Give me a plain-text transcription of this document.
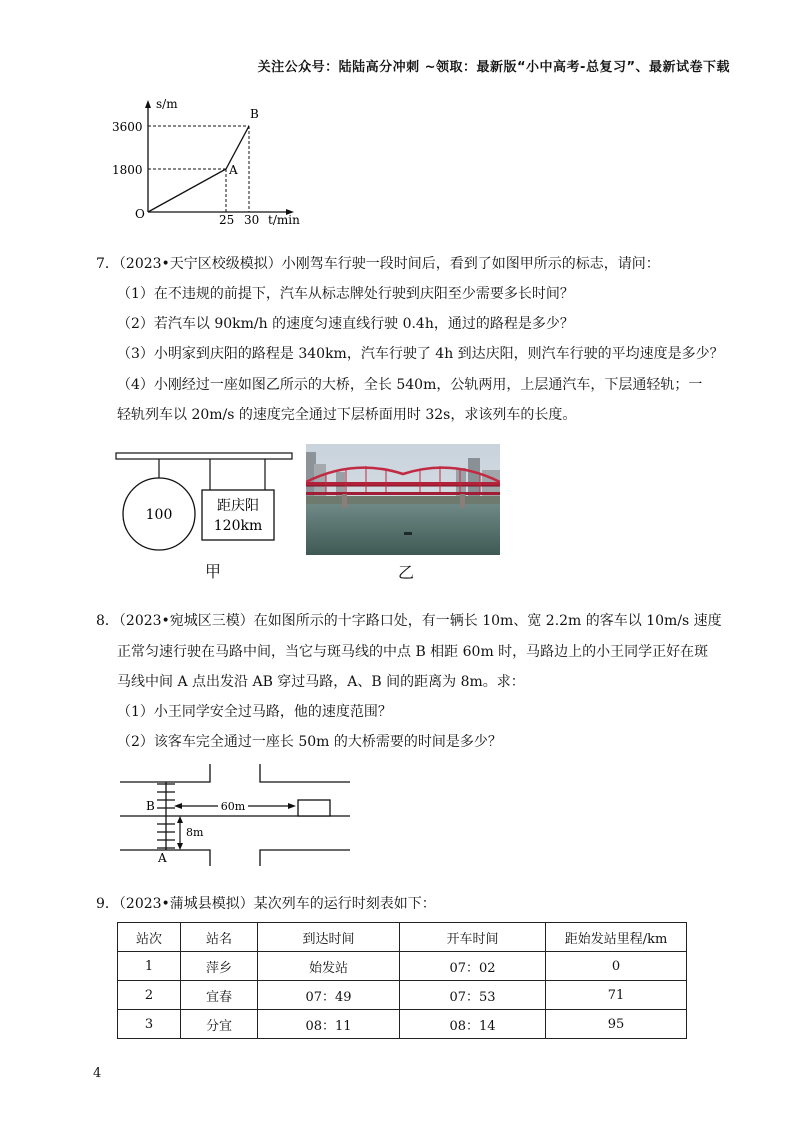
关注公众号：陆陆高分冲刺 ~领取：最新版“小中高考-总复习”、最新试卷下载
s/m
t/min
3600
1800
25 30
O
A
B
7．（2023•天宁区校级模拟）小刚驾车行驶一段时间后，看到了如图甲所示的标志，请问：
（1）在不违规的前提下，汽车从标志牌处行驶到庆阳至少需要多长时间？
（2）若汽车以 90km/h 的速度匀速直线行驶 0.4h，通过的路程是多少？
（3）小明家到庆阳的路程是 340km，汽车行驶了 4h 到达庆阳，则汽车行驶的平均速度是多少？
（4）小刚经过一座如图乙所示的大桥，全长 540m，公轨两用，上层通汽车，下层通轻轨；一
轻轨列车以 20m/s 的速度完全通过下层桥面用时 32s，求该列车的长度。
100
距庆阳
120km
甲	乙
8．（2023•宛城区三模）在如图所示的十字路口处，有一辆长 10m、宽 2.2m 的客车以 10m/s 速度
正常匀速行驶在马路中间，当它与斑马线的中点 B 相距 60m 时，马路边上的小王同学正好在斑
马线中间 A 点出发沿 AB 穿过马路，A、B 间的距离为 8m。求：
（1）小王同学安全过马路，他的速度范围？
（2）该客车完全通过一座长 50m 的大桥需要的时间是多少？
60m
8m
B
A
9．（2023•蒲城县模拟）某次列车的运行时刻表如下：
站次	站名	到达时间	开车时间	距始发站里程/km
1	萍乡	始发站	07：02	0
2	宜春	07：49	07：53	71
3	分宜	08：11	08：14	95
4
